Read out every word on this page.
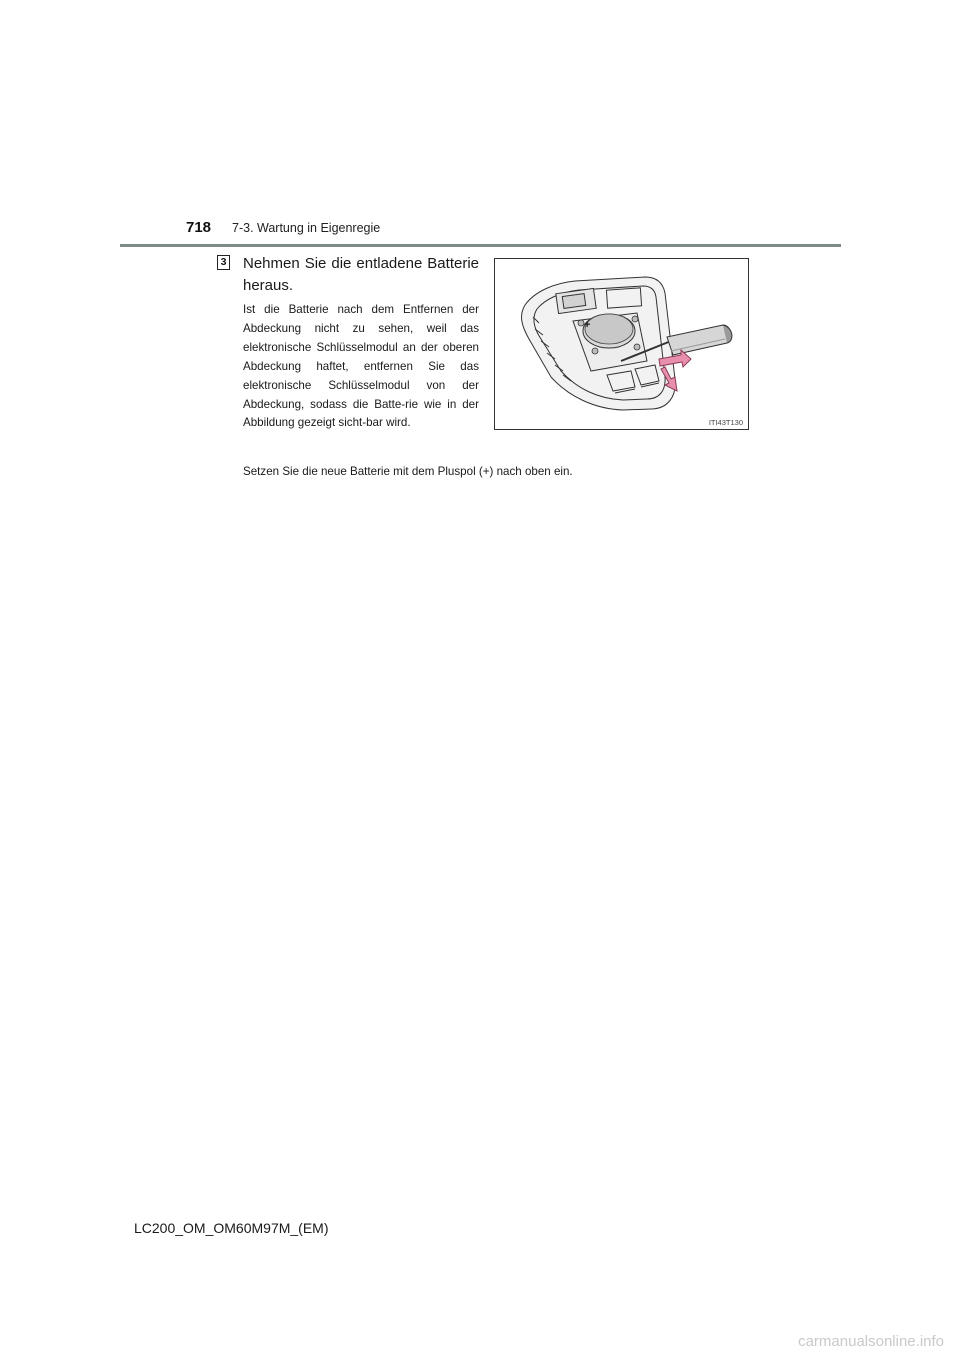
718 7-3. Wartung in Eigenregie
3 Nehmen Sie die entladene Batterie heraus.
Ist die Batterie nach dem Entfernen der Abdeckung nicht zu sehen, weil das elektronische Schlüsselmodul an der oberen Abdeckung haftet, entfernen Sie das elektronische Schlüsselmodul von der Abdeckung, sodass die Batte-rie wie in der Abbildung gezeigt sicht-bar wird.
Setzen Sie die neue Batterie mit dem Pluspol (+) nach oben ein.
+
ITI43T130
LC200_OM_OM60M97M_(EM)
carmanualsonline.info
